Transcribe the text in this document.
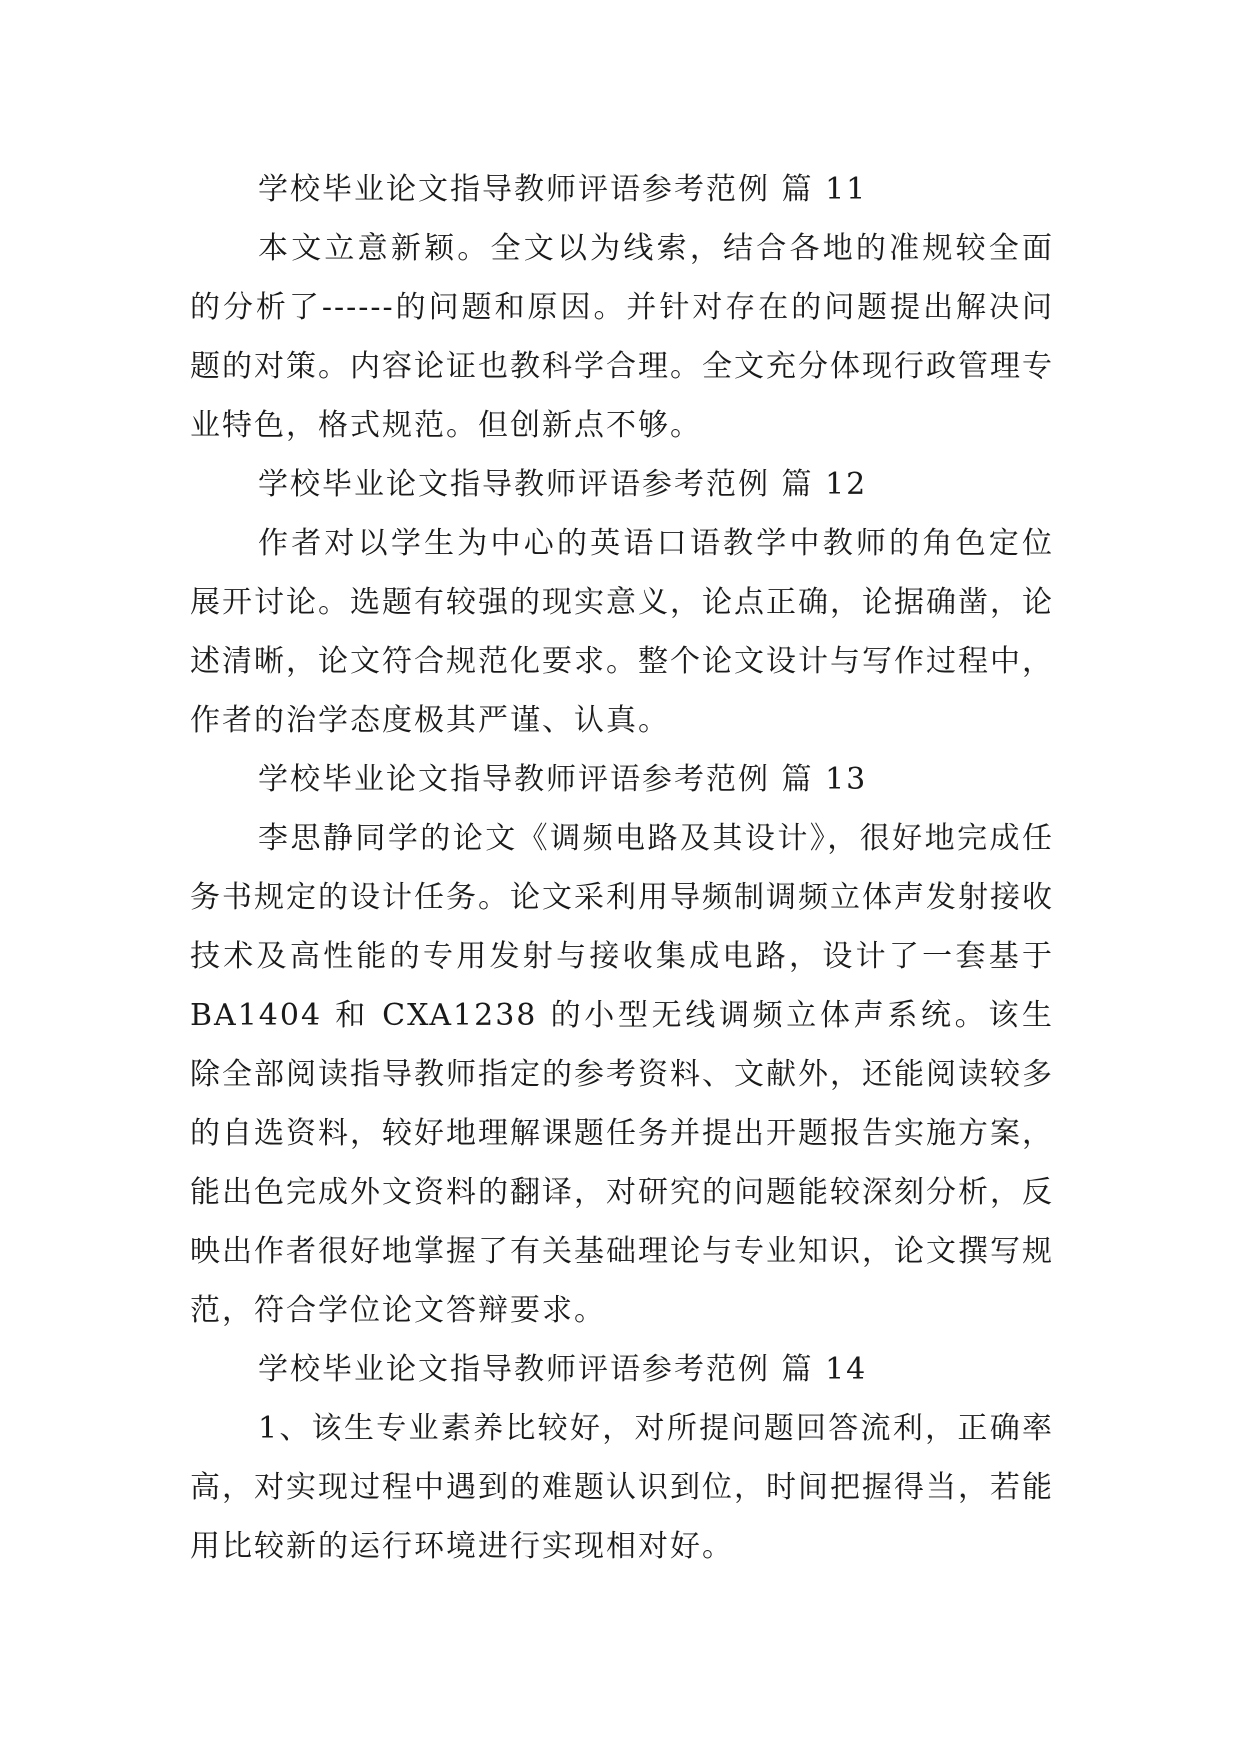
学校毕业论文指导教师评语参考范例 篇 11

本文立意新颖。全文以为线索，结合各地的准规较全面的分析了------的问题和原因。并针对存在的问题提出解决问题的对策。内容论证也教科学合理。全文充分体现行政管理专业特色，格式规范。但创新点不够。

学校毕业论文指导教师评语参考范例 篇 12

作者对以学生为中心的英语口语教学中教师的角色定位展开讨论。选题有较强的现实意义，论点正确，论据确凿，论述清晰，论文符合规范化要求。整个论文设计与写作过程中，作者的治学态度极其严谨、认真。

学校毕业论文指导教师评语参考范例 篇 13

李思静同学的论文《调频电路及其设计》，很好地完成任务书规定的设计任务。论文采利用导频制调频立体声发射接收技术及高性能的专用发射与接收集成电路，设计了一套基于 BA1404 和 CXA1238 的小型无线调频立体声系统。该生除全部阅读指导教师指定的参考资料、文献外，还能阅读较多的自选资料，较好地理解课题任务并提出开题报告实施方案，能出色完成外文资料的翻译，对研究的问题能较深刻分析，反映出作者很好地掌握了有关基础理论与专业知识，论文撰写规范，符合学位论文答辩要求。

学校毕业论文指导教师评语参考范例 篇 14

1、该生专业素养比较好，对所提问题回答流利，正确率高，对实现过程中遇到的难题认识到位，时间把握得当，若能用比较新的运行环境进行实现相对好。
